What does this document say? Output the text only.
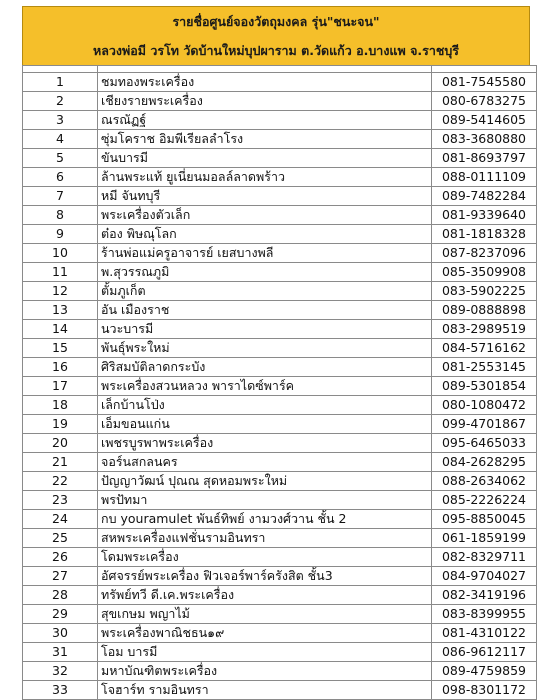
รายชื่อศูนย์จองวัตถุมงคล รุ่น"ชนะจน"
หลวงพ่อมี วรโท วัดบ้านใหม่บุปผาราม ต.วัดแก้ว อ.บางแพ จ.ราชบุรี

1	ชมทองพระเครื่อง	081-7545580
2	เชียงรายพระเครื่อง	080-6783275
3	ณรณัฏฐ์	089-5414605
4	ซุ่มโคราช อิมพีเรียลลำโรง	083-3680880
5	ขันบารมี	081-8693797
6	ล้านพระแท้ ยูเนี่ยนมอลล์ลาดพร้าว	088-0111109
7	หมี จันทบุรี	089-7482284
8	พระเครื่องตัวเล็ก	081-9339640
9	ต๋อง พิษณุโลก	081-1818328
10	ร้านพ่อแม่ครูอาจารย์ เยสบางพลี	087-8237096
11	พ.สุวรรณภูมิ	085-3509908
12	ตั้มภูเก็ต	083-5902225
13	อัน เมืองราช	089-0888898
14	นวะบารมี	083-2989519
15	พันธุ์พระใหม่	084-5716162
16	ศิริสมบัติลาดกระบัง	081-2553145
17	พระเครื่องสวนหลวง พาราไดซ์พาร์ค	089-5301854
18	เล็กบ้านโป่ง	080-1080472
19	เอ็มขอนแก่น	099-4701867
20	เพชรบูรพาพระเครื่อง	095-6465033
21	จอร์นสกลนคร	084-2628295
22	ปัญญาวัฒน์ ปุณณ สุดหอมพระใหม่	088-2634062
23	พรปัทมา	085-2226224
24	กบ youramulet พันธ์ทิพย์ งามวงศ์วาน ชั้น 2	095-8850045
25	สหพระเครื่องแฟชั่นรามอินทรา	061-1859199
26	โดมพระเครื่อง	082-8329711
27	อัศจรรย์พระเครื่อง ฟิวเจอร์พาร์ครังสิต ชั้น3	084-9704027
28	ทรัพย์ทวี ดี.เค.พระเครื่อง	082-3419196
29	สุขเกษม พญาไม้	083-8399955
30	พระเครื่องพาณิชธน๑๙	081-4310122
31	โอม บารมี	086-9612117
32	มหาบัณฑิตพระเครื่อง	089-4759859
33	โจฮาร์ท รามอินทรา	098-8301172
